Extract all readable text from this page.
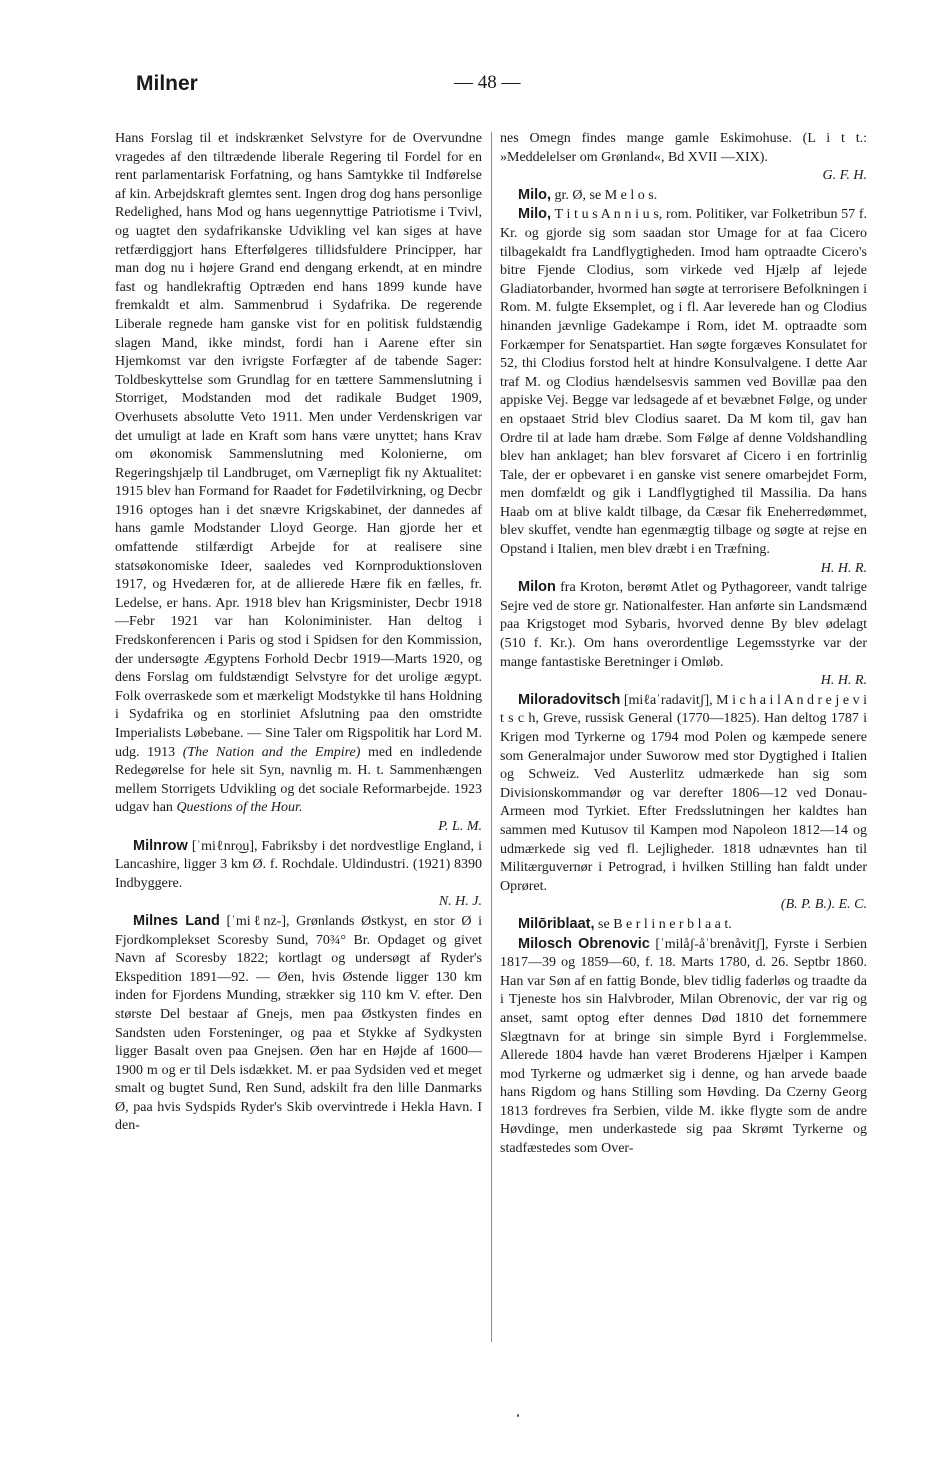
Milner	— 48 —

Hans Forslag til et indskrænket Selvstyre for de Overvundne vragedes af den tiltrædende liberale Regering til Fordel for en rent parlamentarisk Forfatning, og hans Samtykke til Indførelse af kin. Arbejdskraft glemtes sent. Ingen drog dog hans personlige Redelighed, hans Mod og hans uegennyttige Patriotisme i Tvivl, og uagtet den sydafrikanske Udvikling vel kan siges at have retfærdiggjort hans Efterfølgeres tillidsfuldere Principper, har man dog nu i højere Grand end dengang erkendt, at en mindre fast og handlekraftig Optræden end hans 1899 kunde have fremkaldt et alm. Sammenbrud i Sydafrika. De regerende Liberale regnede ham ganske vist for en politisk fuldstændig slagen Mand, ikke mindst, fordi han i Aarene efter sin Hjemkomst var den ivrigste Forfægter af de tabende Sager: Toldbeskyttelse som Grundlag for en tættere Sammenslutning i Storriget, Modstanden mod det radikale Budget 1909, Overhusets absolutte Veto 1911. Men under Verdenskrigen var det umuligt at lade en Kraft som hans være unyttet; hans Krav om økonomisk Sammenslutning med Kolonierne, om Regeringshjælp til Landbruget, om Værnepligt fik ny Aktualitet: 1915 blev han Formand for Raadet for Fødetilvirkning, og Decbr 1916 optoges han i det snævre Krigskabinet, der dannedes af hans gamle Modstander Lloyd George. Han gjorde her et omfattende stilfærdigt Arbejde for at realisere sine statsøkonomiske Ideer, saaledes ved Kornproduktionsloven 1917, og Hvedæren for, at de allierede Hære fik en fælles, fr. Ledelse, er hans. Apr. 1918 blev han Krigsminister, Decbr 1918—Febr 1921 var han Koloniminister. Han deltog i Fredskonferencen i Paris og stod i Spidsen for den Kommission, der undersøgte Ægyptens Forhold Decbr 1919—Marts 1920, og dens Forslag om fuldstændigt Selvstyre for det urolige ægypt. Folk overraskede som et mærkeligt Modstykke til hans Holdning i Sydafrika og en storliniet Afslutning paa den omstridte Imperialists Løbebane. — Sine Taler om Rigspolitik har Lord M. udg. 1913 (The Nation and the Empire) med en indledende Redegørelse for hele sit Syn, navnlig m. H. t. Sammenhængen mellem Storrigets Udvikling og det sociale Reformarbejde. 1923 udgav han Questions of the Hour.
P. L. M.

Milnrow [ˈmiℓnro͜u], Fabriksby i det nordvestlige England, i Lancashire, ligger 3 km Ø. f. Rochdale. Uldindustri. (1921) 8390 Indbyggere.
N. H. J.

Milnes Land [ˈmiℓnz-], Grønlands Østkyst, en stor Ø i Fjordkomplekset Scoresby Sund, 70¾° Br. Opdaget og givet Navn af Scoresby 1822; kortlagt og undersøgt af Ryder's Ekspedition 1891—92. — Øen, hvis Østende ligger 130 km inden for Fjordens Munding, strækker sig 110 km V. efter. Den største Del bestaar af Gnejs, men paa Østkysten findes en Sandsten uden Forsteninger, og paa et Stykke af Sydkysten ligger Basalt oven paa Gnejsen. Øen har en Højde af 1600—1900 m og er til Dels isdækket. M. er paa Sydsiden ved et meget smalt og bugtet Sund, Ren Sund, adskilt fra den lille Danmarks Ø, paa hvis Sydspids Ryder's Skib overvintrede i Hekla Havn. I den-

nes Omegn findes mange gamle Eskimohuse. (L i t t.: »Meddelelser om Grønland«, Bd XVII —XIX).
G. F. H.

Milo, gr. Ø, se M e l o s.

Milo, T i t u s A n n i u s, rom. Politiker, var Folketribun 57 f. Kr. og gjorde sig som saadan stor Umage for at faa Cicero tilbagekaldt fra Landflygtigheden. Imod ham optraadte Cicero's bitre Fjende Clodius, som virkede ved Hjælp af lejede Gladiatorbander, hvormed han søgte at terrorisere Befolkningen i Rom. M. fulgte Eksemplet, og i fl. Aar leverede han og Clodius hinanden jævnlige Gadekampe i Rom, idet M. optraadte som Forkæmper for Senatspartiet. Han søgte forgæves Konsulatet for 52, thi Clodius forstod helt at hindre Konsulvalgene. I dette Aar traf M. og Clodius hændelsesvis sammen ved Bovillæ paa den appiske Vej. Begge var ledsagede af et bevæbnet Følge, og under en opstaaet Strid blev Clodius saaret. Da M kom til, gav han Ordre til at lade ham dræbe. Som Følge af denne Voldshandling blev han anklaget; han blev forsvaret af Cicero i en fortrinlig Tale, der er opbevaret i en ganske vist senere omarbejdet Form, men domfældt og gik i Landflygtighed til Massilia. Da hans Haab om at blive kaldt tilbage, da Cæsar fik Eneherredømmet, blev skuffet, vendte han egenmægtig tilbage og søgte at rejse en Opstand i Italien, men blev dræbt i en Træfning.
H. H. R.

Milon fra Kroton, berømt Atlet og Pythagoreer, vandt talrige Sejre ved de store gr. Nationalfester. Han anførte sin Landsmænd paa Krigstoget mod Sybaris, hvorved denne By blev ødelagt (510 f. Kr.). Om hans overordentlige Legemsstyrke var der mange fantastiske Beretninger i Omløb.
H. H. R.

Miloradovitsch [miℓaˈradavitʃ], M i c h a i l A n d r e j e v i t s c h, Greve, russisk General (1770—1825). Han deltog 1787 i Krigen mod Tyrkerne og 1794 mod Polen og kæmpede senere som Generalmajor under Suworow med stor Dygtighed i Italien og Schweiz. Ved Austerlitz udmærkede han sig som Divisionskommandør og var derefter 1806—12 ved Donau-Armeen mod Tyrkiet. Efter Fredsslutningen her kaldtes han sammen med Kutusov til Kampen mod Napoleon 1812—14 og udmærkede sig ved fl. Lejligheder. 1818 udnævntes han til Militærguvernør i Petrograd, i hvilken Stilling han faldt under Oprøret.
(B. P. B.). E. C.

Milōriblaat, se B e r l i n e r b l a a t.

Milosch Obrenovic [ˈmilåʃ-åˈbrenåvitʃ], Fyrste i Serbien 1817—39 og 1859—60, f. 18. Marts 1780, d. 26. Septbr 1860. Han var Søn af en fattig Bonde, blev tidlig faderløs og traadte da i Tjeneste hos sin Halvbroder, Milan Obrenovic, der var rig og anset, samt optog efter dennes Død 1810 det fornemmere Slægtnavn for at bringe sin simple Byrd i Forglemmelse. Allerede 1804 havde han været Broderens Hjælper i Kampen mod Tyrkerne og udmærket sig i denne, og han arvede baade hans Rigdom og hans Stilling som Høvding. Da Czerny Georg 1813 fordreves fra Serbien, vilde M. ikke flygte som de andre Høvdinge, men underkastede sig paa Skrømt Tyrkerne og stadfæstedes som Over-
